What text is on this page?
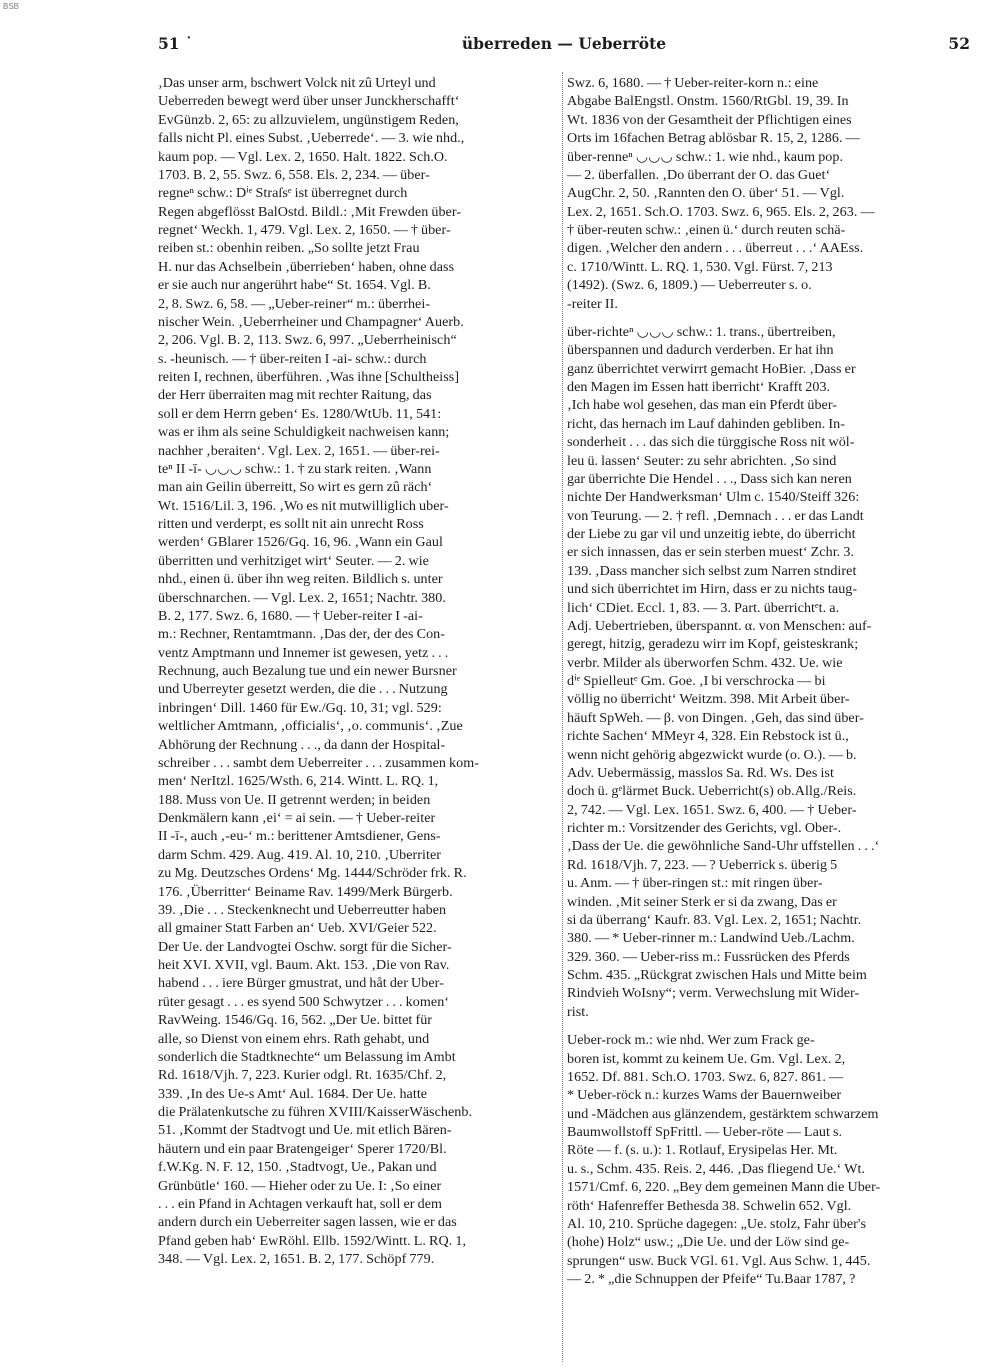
BSB
51 ˙	überreden — Ueberröte	52
‚Das unser arm, bschwert Volck nit zû Urteyl und
Ueberreden bewegt werd über unser Junckherschafft‘
EvGünzb. 2, 65: zu allzuvielem, ungünstigem Reden,
falls nicht Pl. eines Subst. ‚Ueberrede‘. — 3. wie nhd.,
kaum pop. — Vgl. Lex. 2, 1650. Halt. 1822. Sch.O.
1703. B. 2, 55. Swz. 6, 558. Els. 2, 234. — über-
regneⁿ schw.: Dⁱᵉ Straſsᵉ ist überregnet durch
Regen abgeflösst BalOstd. Bildl.: ‚Mit Frewden über-
regnet‘ Weckh. 1, 479. Vgl. Lex. 2, 1650. — † über-
reiben st.: obenhin reiben. „So sollte jetzt Frau
H. nur das Achselbein ‚überrieben‘ haben, ohne dass
er sie auch nur angerührt habe“ St. 1654. Vgl. B.
2, 8. Swz. 6, 58. — „Ueber-reiner“ m.: überrhei-
nischer Wein. ‚Ueberrheiner und Champagner‘ Auerb.
2, 206. Vgl. B. 2, 113. Swz. 6, 997. „Ueberrheinisch“
s. -heunisch. — † über-reiten I -ai- schw.: durch
reiten I, rechnen, überführen. ‚Was ihne [Schultheiss]
der Herr überraiten mag mit rechter Raitung, das
soll er dem Herrn geben‘ Es. 1280/WtUb. 11, 541:
was er ihm als seine Schuldigkeit nachweisen kann;
nachher ‚beraiten‘. Vgl. Lex. 2, 1651. — über-rei-
teⁿ II -ī- ◡◡◡ schw.: 1. † zu stark reiten. ‚Wann
man ain Geilin überreitt, So wirt es gern zû räch‘
Wt. 1516/Lil. 3, 196. ‚Wo es nit mutwilliglich uber-
ritten und verderpt, es sollt nit ain unrecht Ross
werden‘ GBlarer 1526/Gq. 16, 96. ‚Wann ein Gaul
überritten und verhitziget wirt‘ Seuter. — 2. wie
nhd., einen ü. über ihn weg reiten. Bildlich s. unter
überschnarchen. — Vgl. Lex. 2, 1651; Nachtr. 380.
B. 2, 177. Swz. 6, 1680. — † Ueber-reiter I -ai-
m.: Rechner, Rentamtmann. ‚Das der, der des Con-
ventz Amptmann und Innemer ist gewesen, yetz . . .
Rechnung, auch Bezalung tue und ein newer Bursner
und Uberreyter gesetzt werden, die die . . . Nutzung
inbringen‘ Dill. 1460 für Ew./Gq. 10, 31; vgl. 529:
weltlicher Amtmann, ‚officialis‘, ‚o. communis‘. ‚Zue
Abhörung der Rechnung . . ., da dann der Hospital-
schreiber . . . sambt dem Ueberreiter . . . zusammen kom-
men‘ NerItzl. 1625/Wsth. 6, 214. Wintt. L. RQ. 1,
188. Muss von Ue. II getrennt werden; in beiden
Denkmälern kann ‚ei‘ = ai sein. — † Ueber-reiter
II -ī-, auch ‚-eu-‘ m.: berittener Amtsdiener, Gens-
darm Schm. 429. Aug. 419. Al. 10, 210. ‚Uberriter
zu Mg. Deutzsches Ordens‘ Mg. 1444/Schröder frk. R.
176. ‚Überritter‘ Beiname Rav. 1499/Merk Bürgerb.
39. ‚Die . . . Steckenknecht und Ueberreutter haben
all gmainer Statt Farben an‘ Ueb. XVI/Geier 522.
Der Ue. der Landvogtei Oschw. sorgt für die Sicher-
heit XVI. XVII, vgl. Baum. Akt. 153. ‚Die von Rav.
habend . . . iere Bürger gmustrat, und håt der Uber-
rüter gesagt . . . es syend 500 Schwytzer . . . komen‘
RavWeing. 1546/Gq. 16, 562. „Der Ue. bittet für
alle, so Dienst von einem ehrs. Rath gehabt, und
sonderlich die Stadtknechte“ um Belassung im Ambt
Rd. 1618/Vjh. 7, 223. Kurier odgl. Rt. 1635/Chf. 2,
339. ‚In des Ue-s Amt‘ Aul. 1684. Der Ue. hatte
die Prälatenkutsche zu führen XVIII/KaisserWäschenb.
51. ‚Kommt der Stadtvogt und Ue. mit etlich Bären-
häutern und ein paar Bratengeiger‘ Sperer 1720/Bl.
f.W.Kg. N. F. 12, 150. ‚Stadtvogt, Ue., Pakan und
Grünbütle‘ 160. — Hieher oder zu Ue. I: ‚So einer
. . . ein Pfand in Achtagen verkauft hat, soll er dem
andern durch ein Ueberreiter sagen lassen, wie er das
Pfand geben hab‘ EwRöhl. Ellb. 1592/Wintt. L. RQ. 1,
348. — Vgl. Lex. 2, 1651. B. 2, 177. Schöpf 779.
Swz. 6, 1680. — † Ueber-reiter-korn n.: eine
Abgabe BalEngstl. Onstm. 1560/RtGbl. 19, 39. In
Wt. 1836 von der Gesamtheit der Pflichtigen eines
Orts im 16fachen Betrag ablösbar R. 15, 2, 1286. —
über-renneⁿ ◡◡◡ schw.: 1. wie nhd., kaum pop.
— 2. überfallen. ‚Do überrant der O. das Guet‘
AugChr. 2, 50. ‚Rannten den O. über‘ 51. — Vgl.
Lex. 2, 1651. Sch.O. 1703. Swz. 6, 965. Els. 2, 263. —
† über-reuten schw.: ‚einen ü.‘ durch reuten schä-
digen. ‚Welcher den andern . . . überreut . . .‘ AAEss.
c. 1710/Wintt. L. RQ. 1, 530. Vgl. Fürst. 7, 213
(1492). (Swz. 6, 1809.) — Ueberreuter s. o.
-reiter II.
über-richteⁿ ◡◡◡ schw.: 1. trans., übertreiben,
überspannen und dadurch verderben. Er hat ihn
ganz überrichtet verwirrt gemacht HoBier. ‚Dass er
den Magen im Essen hatt iberricht‘ Krafft 203.
‚Ich habe wol gesehen, das man ein Pferdt über-
richt, das hernach im Lauf dahinden gebliben. In-
sonderheit . . . das sich die türggische Ross nit wöl-
leu ü. lassen‘ Seuter: zu sehr abrichten. ‚So sind
gar überrichte Die Hendel . . ., Dass sich kan neren
nichte Der Handwerksman‘ Ulm c. 1540/Steiff 326:
von Teurung. — 2. † refl. ‚Demnach . . . er das Landt
der Liebe zu gar vil und unzeitig iebte, do überricht
er sich innassen, das er sein sterben muest‘ Zchr. 3.
139. ‚Dass mancher sich selbst zum Narren stndiret
und sich überrichtet im Hirn, dass er zu nichts taug-
lich‘ CDiet. Eccl. 1, 83. — 3. Part. überrichtᵉt. a.
Adj. Uebertrieben, überspannt. α. von Menschen: auf-
geregt, hitzig, geradezu wirr im Kopf, geisteskrank;
verbr. Milder als überworfen Schm. 432. Ue. wie
dⁱᵉ Spielleutᵉ Gm. Goe. ‚I bi verschrocka — bi
völlig no überricht‘ Weitzm. 398. Mit Arbeit über-
häuft SpWeh. — β. von Dingen. ‚Geh, das sind über-
richte Sachen‘ MMeyr 4, 328. Ein Rebstock ist ü.,
wenn nicht gehörig abgezwickt wurde (o. O.). — b.
Adv. Uebermässig, masslos Sa. Rd. Ws. Des ist
doch ü. gᵉlärmet Buck. Ueberricht(s) ob.Allg./Reis.
2, 742. — Vgl. Lex. 1651. Swz. 6, 400. — † Ueber-
richter m.: Vorsitzender des Gerichts, vgl. Ober-.
‚Dass der Ue. die gewöhnliche Sand-Uhr uffstellen . . .‘
Rd. 1618/Vjh. 7, 223. — ? Ueberrick s. überig 5
u. Anm. — † über-ringen st.: mit ringen über-
winden. ‚Mit seiner Sterk er si da zwang, Das er
si da überrang‘ Kaufr. 83. Vgl. Lex. 2, 1651; Nachtr.
380. — * Ueber-rinner m.: Landwind Ueb./Lachm.
329. 360. — Ueber-riss m.: Fussrücken des Pferds
Schm. 435. „Rückgrat zwischen Hals und Mitte beim
Rindvieh WoIsny“; verm. Verwechslung mit Wider-
rist.
Ueber-rock m.: wie nhd. Wer zum Frack ge-
boren ist, kommt zu keinem Ue. Gm. Vgl. Lex. 2,
1652. Df. 881. Sch.O. 1703. Swz. 6, 827. 861. —
* Ueber-röck n.: kurzes Wams der Bauernweiber
und -Mädchen aus glänzendem, gestärktem schwarzem
Baumwollstoff SpFrittl. — Ueber-röte — Laut s.
Röte — f. (s. u.): 1. Rotlauf, Erysipelas Her. Mt.
u. s., Schm. 435. Reis. 2, 446. ‚Das fliegend Ue.‘ Wt.
1571/Cmf. 6, 220. „Bey dem gemeinen Mann die Uber-
röth‘ Hafenreffer Bethesda 38. Schwelin 652. Vgl.
Al. 10, 210. Sprüche dagegen: „Ue. stolz, Fahr über's
(hohe) Holz“ usw.; „Die Ue. und der Löw sind ge-
sprungen“ usw. Buck VGl. 61. Vgl. Aus Schw. 1, 445.
— 2. * „die Schnuppen der Pfeife“ Tu.Baar 1787, ?
